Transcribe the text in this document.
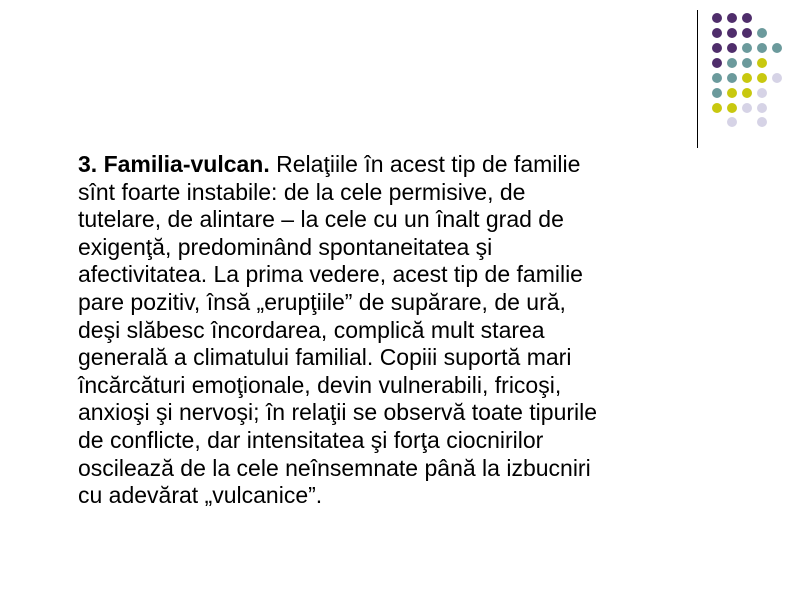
3. Familia-vulcan. Relaţiile în acest tip de familie
sînt foarte instabile: de la cele permisive, de
tutelare, de alintare – la cele cu un înalt grad de
exigenţă, predominând spontaneitatea şi
afectivitatea. La prima vedere, acest tip de familie
pare pozitiv, însă „erupţiile” de supărare, de ură,
deşi slăbesc încordarea, complică mult starea
generală a climatului familial. Copiii suportă mari
încărcături emoţionale, devin vulnerabili, fricoşi,
anxioşi şi nervoşi; în relaţii se observă toate tipurile
de conflicte, dar intensitatea şi forţa ciocnirilor
oscilează de la cele neînsemnate până la izbucniri
cu adevărat „vulcanice”.
